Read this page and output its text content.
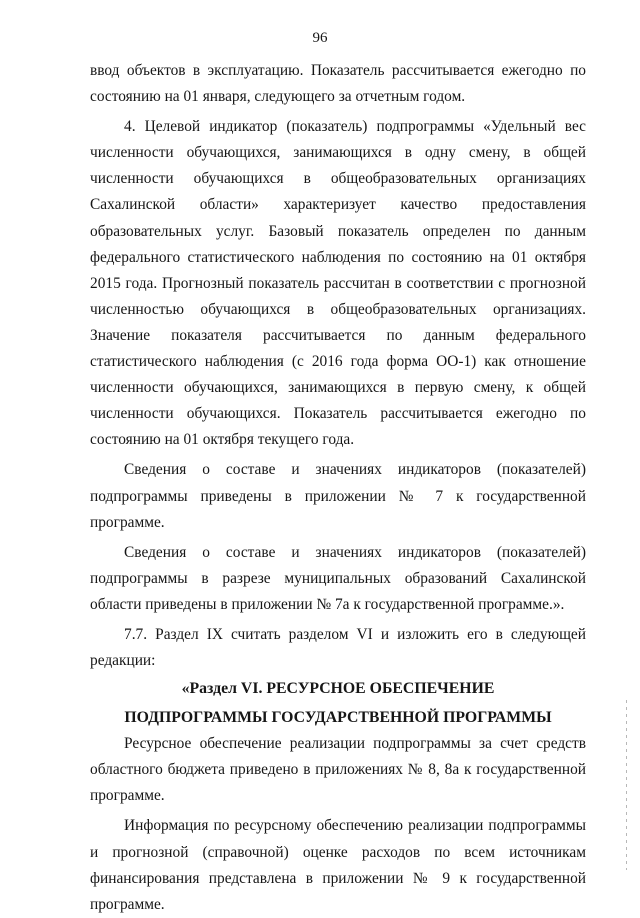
96

ввод объектов в эксплуатацию. Показатель рассчитывается ежегодно по состоянию на 01 января, следующего за отчетным годом.

4. Целевой индикатор (показатель) подпрограммы «Удельный вес численности обучающихся, занимающихся в одну смену, в общей численности обучающихся в общеобразовательных организациях Сахалинской области» характеризует качество предоставления образовательных услуг. Базовый показатель определен по данным федерального статистического наблюдения по состоянию на 01 октября 2015 года. Прогнозный показатель рассчитан в соответствии с прогнозной численностью обучающихся в общеобразовательных организациях. Значение показателя рассчитывается по данным федерального статистического наблюдения (с 2016 года форма ОО-1) как отношение численности обучающихся, занимающихся в первую смену, к общей численности обучающихся. Показатель рассчитывается ежегодно по состоянию на 01 октября текущего года.

Сведения о составе и значениях индикаторов (показателей) подпрограммы приведены в приложении № 7 к государственной программе.

Сведения о составе и значениях индикаторов (показателей) подпрограммы в разрезе муниципальных образований Сахалинской области приведены в приложении № 7а к государственной программе.».

7.7. Раздел IX считать разделом VI и изложить его в следующей редакции:

«Раздел VI. РЕСУРСНОЕ ОБЕСПЕЧЕНИЕ
ПОДПРОГРАММЫ ГОСУДАРСТВЕННОЙ ПРОГРАММЫ

Ресурсное обеспечение реализации подпрограммы за счет средств областного бюджета приведено в приложениях № 8, 8а к государственной программе.

Информация по ресурсному обеспечению реализации подпрограммы и прогнозной (справочной) оценке расходов по всем источникам финансирования представлена в приложении № 9 к государственной программе.
